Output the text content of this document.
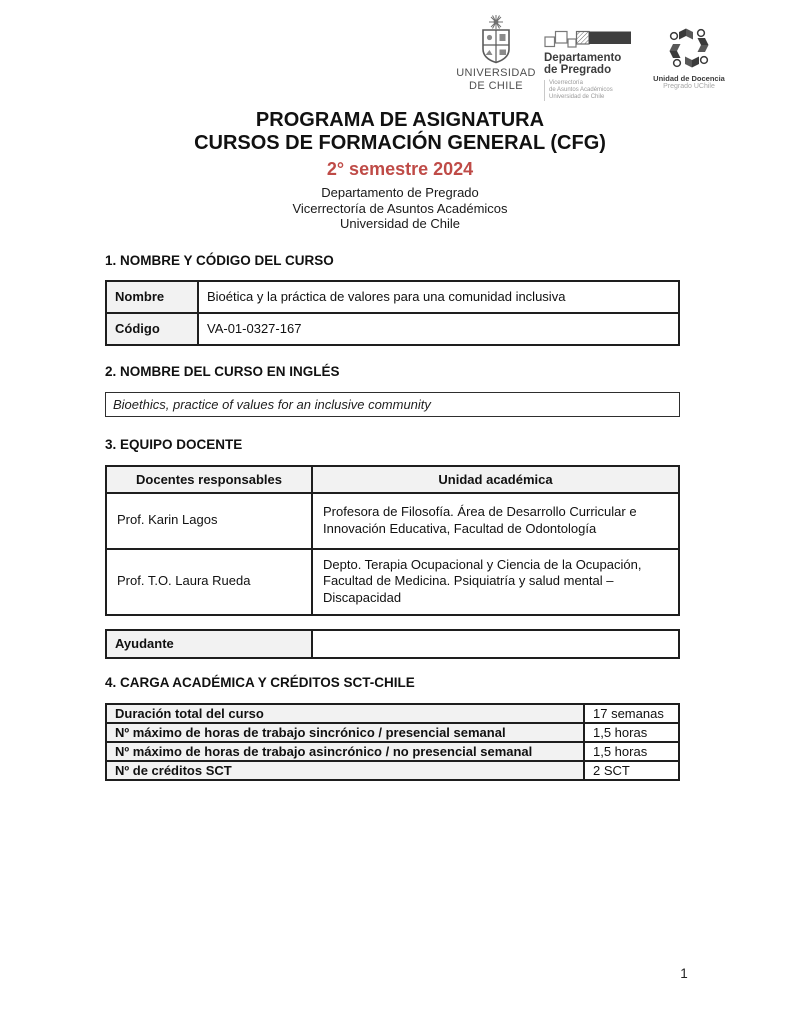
UNIVERSIDAD
DE CHILE
Departamento
de Pregrado
Vicerrectoría
de Asuntos Académicos
Universidad de Chile
Unidad de Docencia
Pregrado UChile
PROGRAMA DE ASIGNATURA
CURSOS DE FORMACIÓN GENERAL (CFG)
2° semestre 2024
Departamento de Pregrado
Vicerrectoría de Asuntos Académicos
Universidad de Chile
1. NOMBRE Y CÓDIGO DEL CURSO
Nombre	Bioética y la práctica de valores para una comunidad inclusiva
Código	VA-01-0327-167
2. NOMBRE DEL CURSO EN INGLÉS
Bioethics, practice of values for an inclusive community
3. EQUIPO DOCENTE
Docentes responsables	Unidad académica
Prof. Karin Lagos	Profesora de Filosofía. Área de Desarrollo Curricular e Innovación Educativa, Facultad de Odontología
Prof. T.O. Laura Rueda	Depto. Terapia Ocupacional y Ciencia de la Ocupación, Facultad de Medicina. Psiquiatría y salud mental – Discapacidad
Ayudante	
4. CARGA ACADÉMICA Y CRÉDITOS SCT-CHILE
Duración total del curso	17 semanas
Nº máximo de horas de trabajo sincrónico / presencial semanal	1,5 horas
Nº máximo de horas de trabajo asincrónico / no presencial semanal	1,5 horas
Nº de créditos SCT	2 SCT
1
